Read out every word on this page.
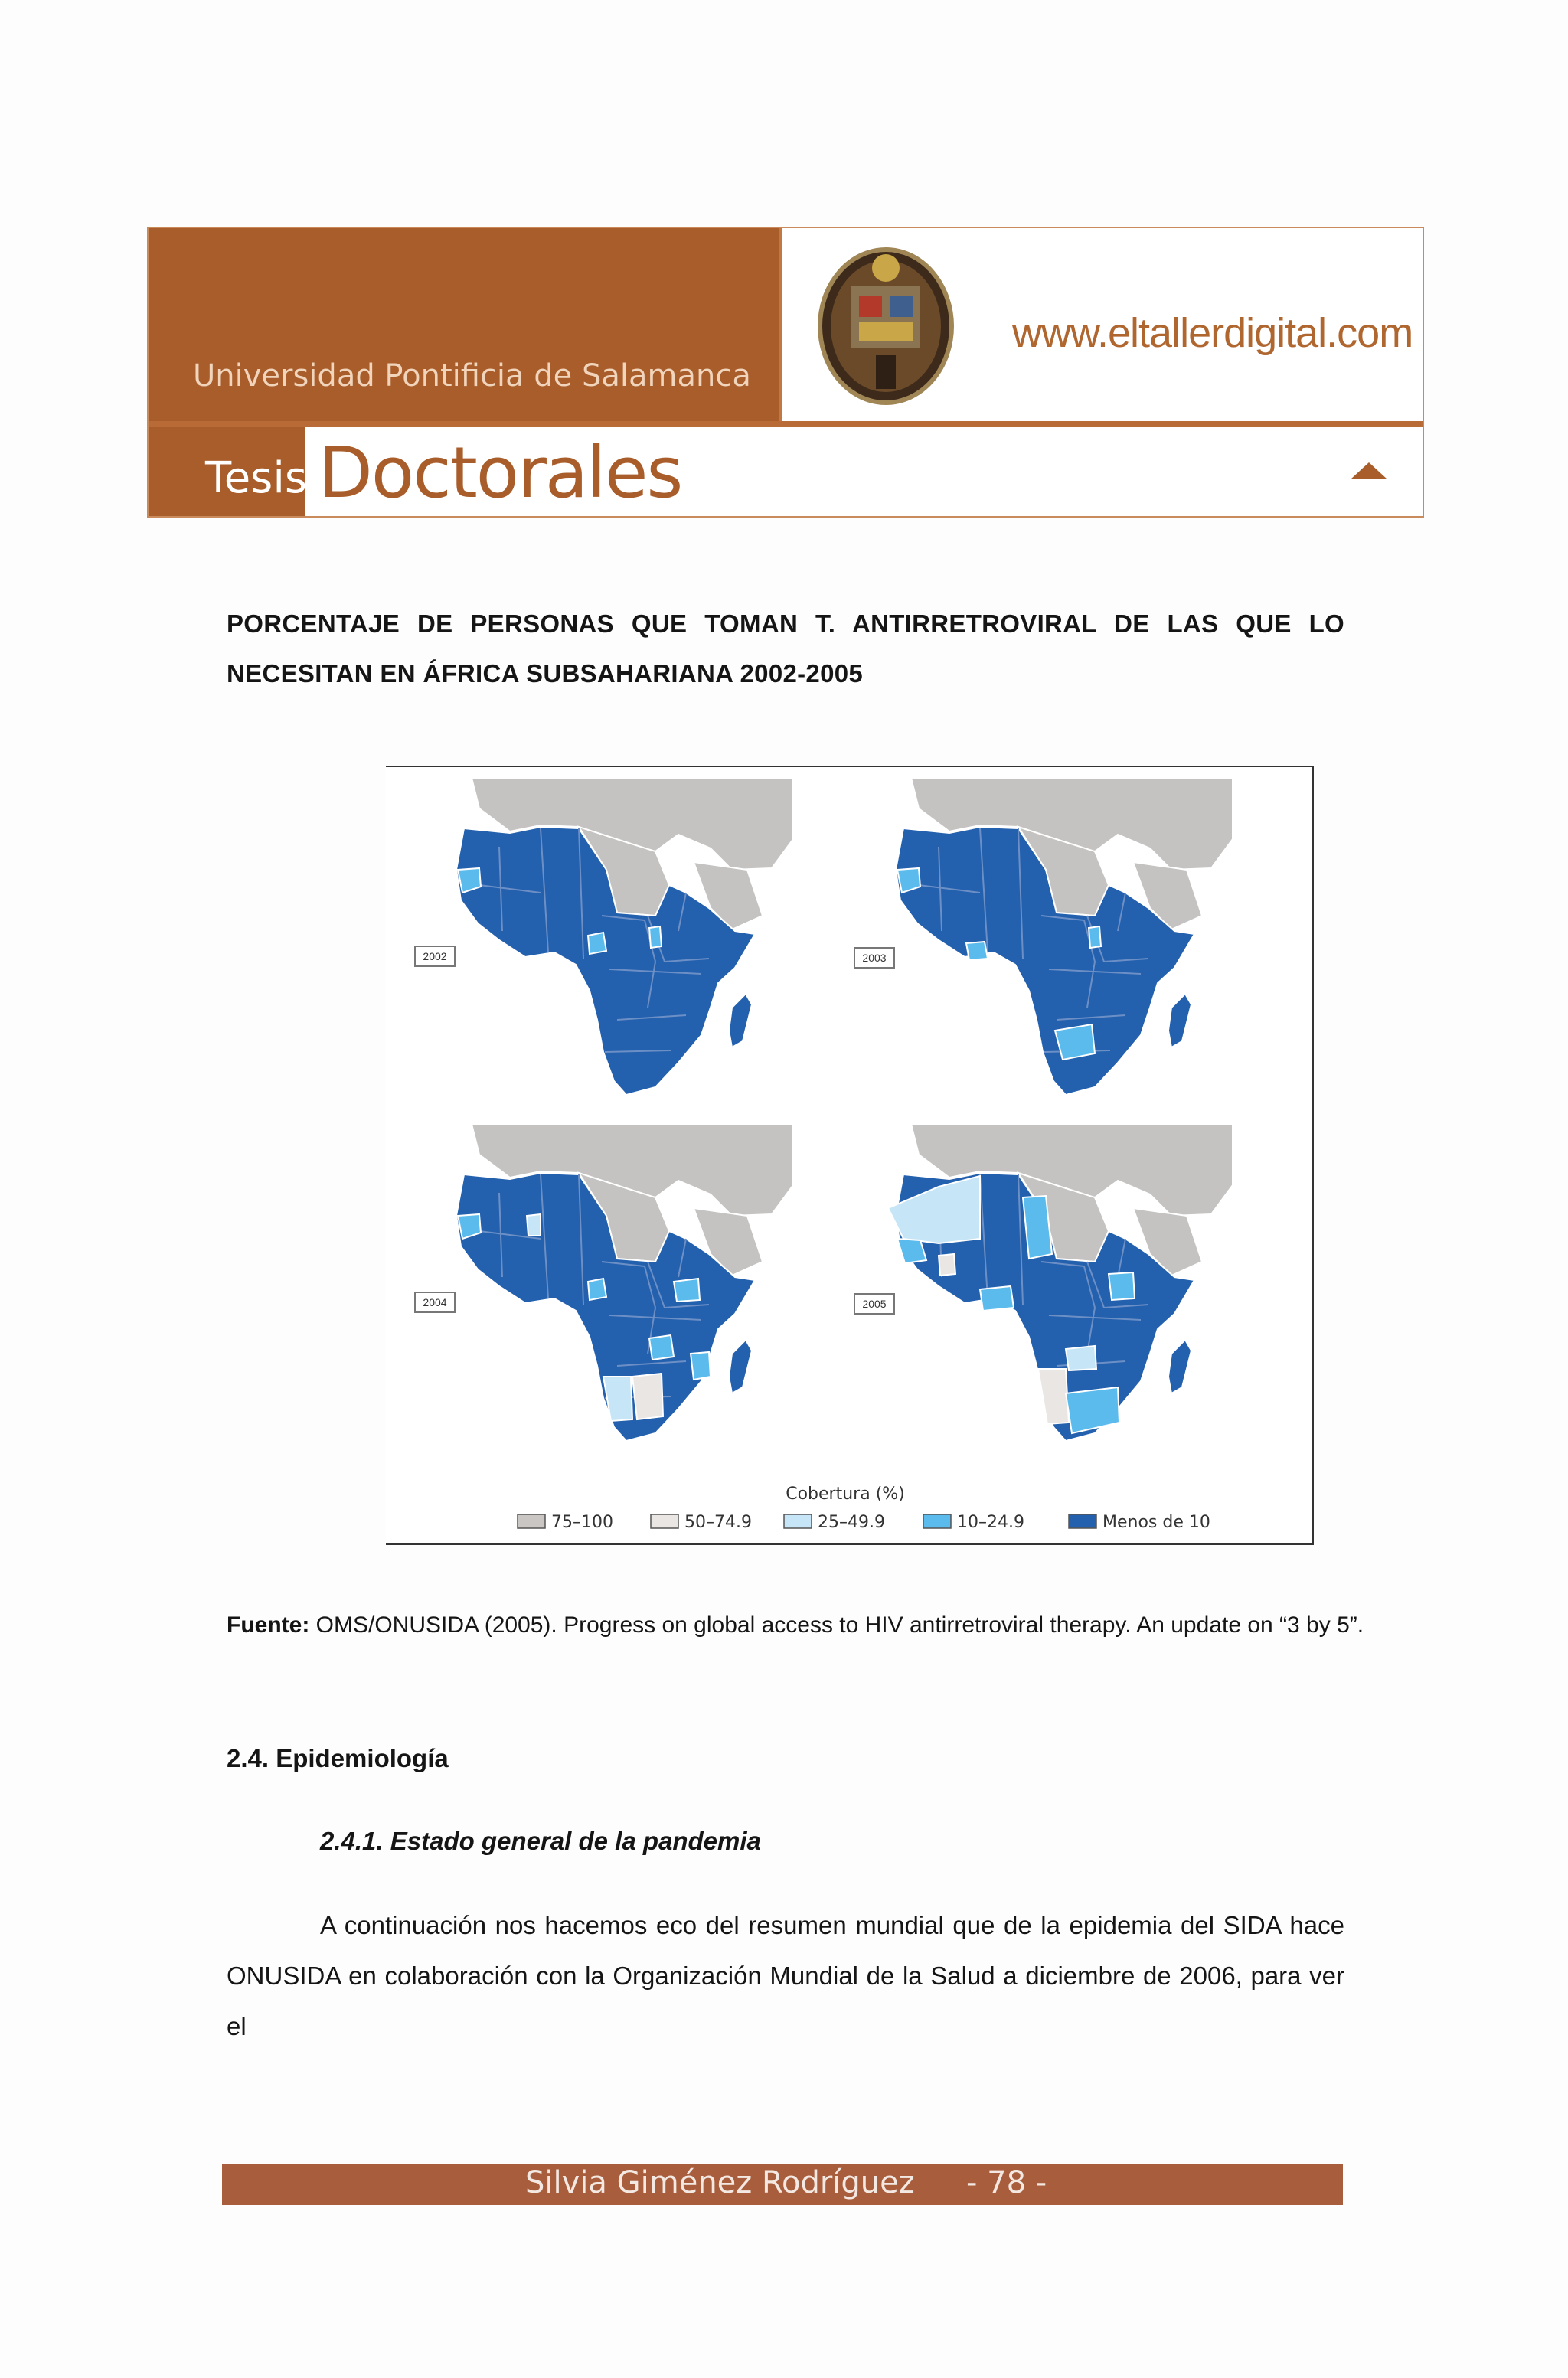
Universidad Pontificia de Salamanca
www.eltallerdigital.com
Tesis Doctorales
PORCENTAJE DE PERSONAS QUE TOMAN T. ANTIRRETROVIRAL DE LAS QUE LO NECESITAN EN ÁFRICA SUBSAHARIANA 2002-2005
2002	2003
2004	2005
Cobertura (%)
75–100	50–74.9	25–49.9	10–24.9	Menos de 10
Fuente: OMS/ONUSIDA (2005). Progress on global access to HIV antirretroviral therapy. An update on “3 by 5”.
2.4. Epidemiología
2.4.1. Estado general de la pandemia
A continuación nos hacemos eco del resumen mundial que de la epidemia del SIDA hace ONUSIDA en colaboración con la Organización Mundial de la Salud a diciembre de 2006, para ver el
Silvia Giménez Rodríguez - 78 -
